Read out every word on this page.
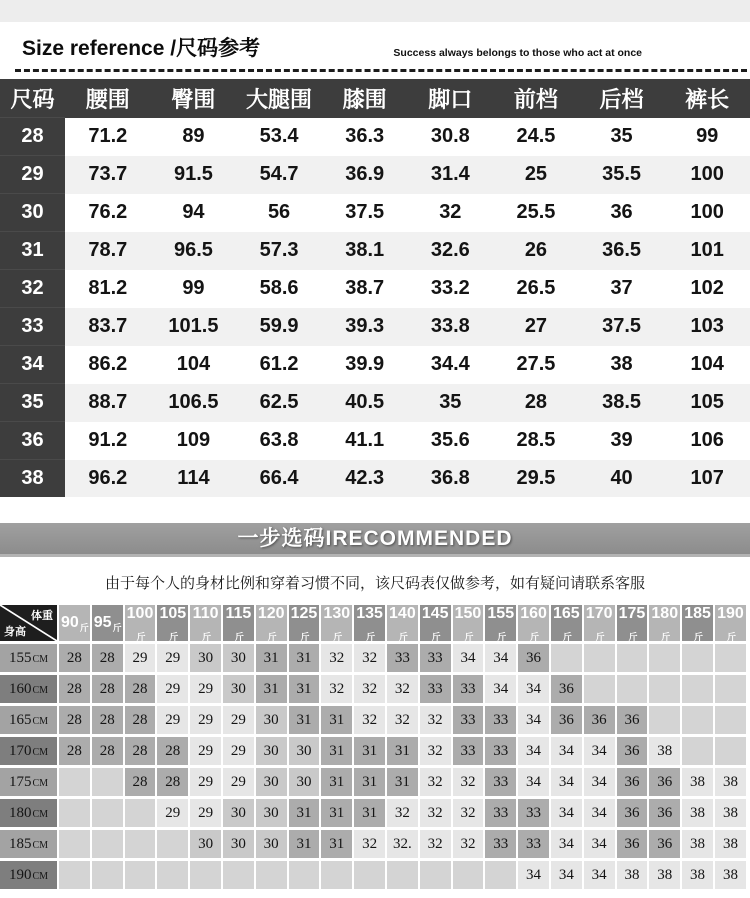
Size reference /尺码参考	Success always belongs to those who act at once
尺码	腰围	臀围	大腿围	膝围	脚口	前档	后档	裤长
28	71.2	89	53.4	36.3	30.8	24.5	35	99
29	73.7	91.5	54.7	36.9	31.4	25	35.5	100
30	76.2	94	56	37.5	32	25.5	36	100
31	78.7	96.5	57.3	38.1	32.6	26	36.5	101
32	81.2	99	58.6	38.7	33.2	26.5	37	102
33	83.7	101.5	59.9	39.3	33.8	27	37.5	103
34	86.2	104	61.2	39.9	34.4	27.5	38	104
35	88.7	106.5	62.5	40.5	35	28	38.5	105
36	91.2	109	63.8	41.1	35.6	28.5	39	106
38	96.2	114	66.4	42.3	36.8	29.5	40	107
一步选码IRECOMMENDED
由于每个人的身材比例和穿着习惯不同，该尺码表仅做参考，如有疑问请联系客服
体重
身高	$90_斤$	$95_斤$	$100_斤$	$105_斤$	$110_斤$	$115_斤$	$120_斤$	$125_斤$	$130_斤$	$135_斤$	$140_斤$	$145_斤$	$150_斤$	$155_斤$	$160_斤$	$165_斤$	$170_斤$	$175_斤$	$180_斤$	$185_斤$	$190_斤$
155CM	28	28	29	29	30	30	31	31	32	32	33	33	34	34	36						
160CM	28	28	28	29	29	30	31	31	32	32	32	33	33	34	34	36					
165CM	28	28	28	29	29	29	30	31	31	32	32	32	33	33	34	36	36	36			
170CM	28	28	28	28	29	29	30	30	31	31	31	32	33	33	34	34	34	36	38		
175CM			28	28	29	29	30	30	31	31	31	32	32	33	34	34	34	36	36	38	38
180CM				29	29	30	30	31	31	31	32	32	32	33	33	34	34	36	36	38	38
185CM					30	30	30	31	31	32	32.	32	32	33	33	34	34	36	36	38	38
190CM															34	34	34	38	38	38	38
